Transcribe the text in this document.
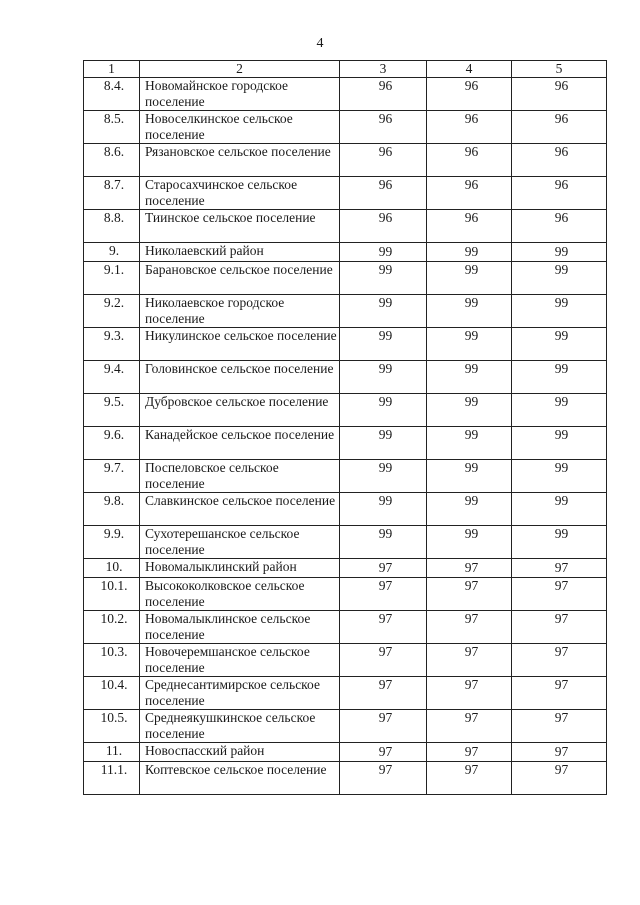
4
1	2	3	4	5
8.4.	Новомайнское городское поселение	96	96	96
8.5.	Новоселкинское сельское поселение	96	96	96
8.6.	Рязановское сельское поселение	96	96	96
8.7.	Старосахчинское сельское поселение	96	96	96
8.8.	Тиинское сельское поселение	96	96	96
9.	Николаевский район	99	99	99
9.1.	Барановское сельское поселение	99	99	99
9.2.	Николаевское городское поселение	99	99	99
9.3.	Никулинское сельское поселение	99	99	99
9.4.	Головинское сельское поселение	99	99	99
9.5.	Дубровское сельское поселение	99	99	99
9.6.	Канадейское сельское поселение	99	99	99
9.7.	Поспеловское сельское поселение	99	99	99
9.8.	Славкинское сельское поселение	99	99	99
9.9.	Сухотерешанское сельское поселение	99	99	99
10.	Новомалыклинский район	97	97	97
10.1.	Высококолковское сельское поселение	97	97	97
10.2.	Новомалыклинское сельское поселение	97	97	97
10.3.	Новочеремшанское сельское поселение	97	97	97
10.4.	Среднесантимирское сельское поселение	97	97	97
10.5.	Среднеякушкинское сельское поселение	97	97	97
11.	Новоспасский район	97	97	97
11.1.	Коптевское сельское поселение	97	97	97
